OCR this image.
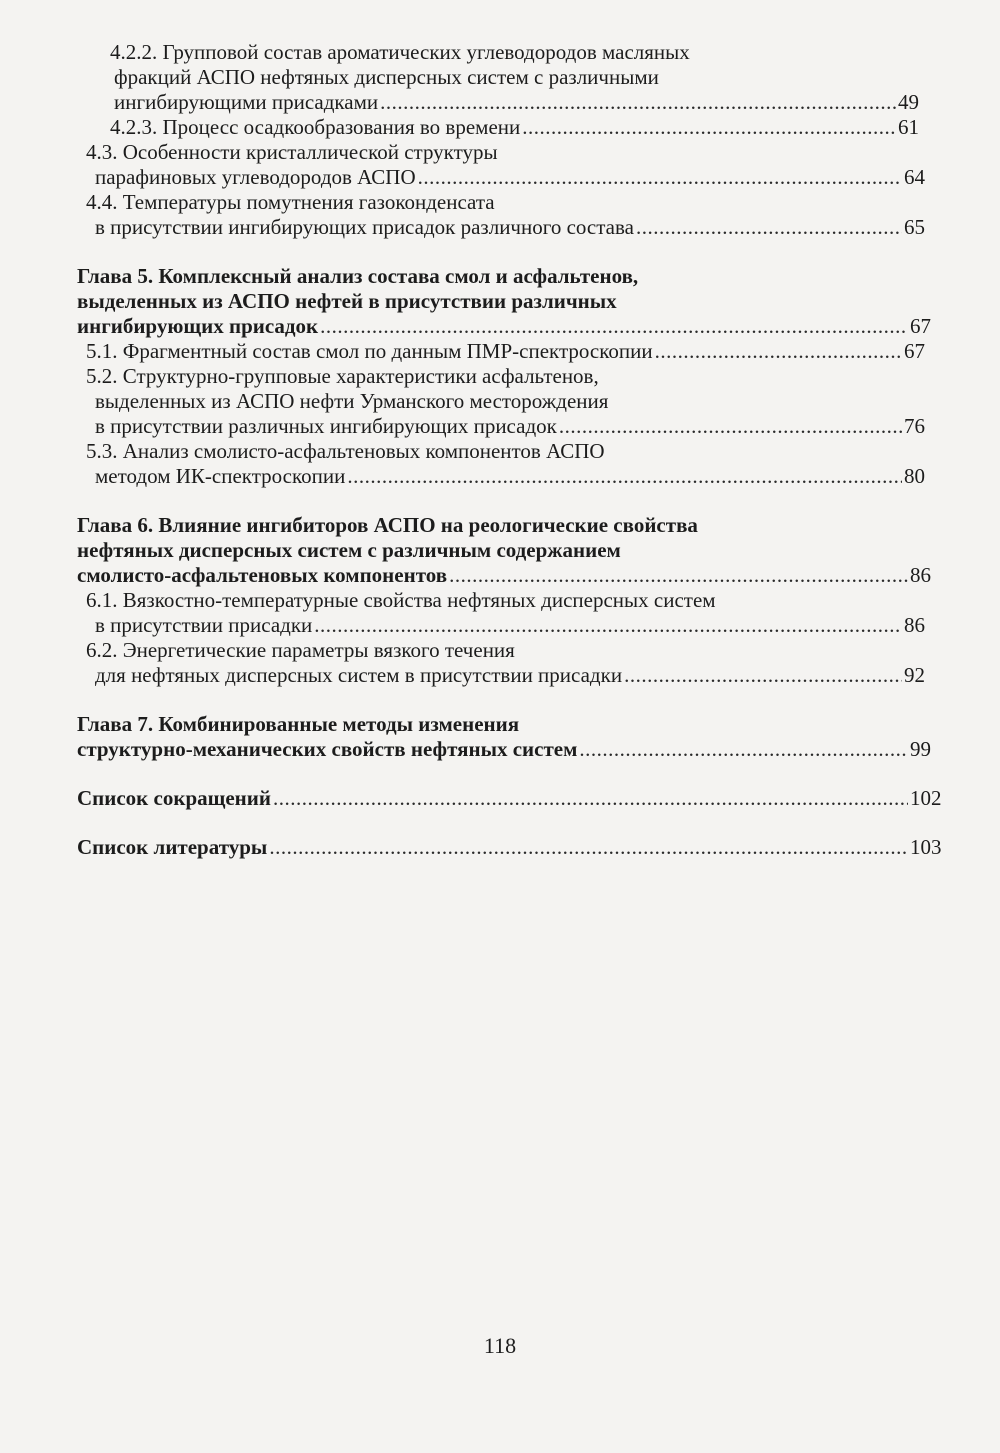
4.2.2. Групповой состав ароматических углеводородов масляных
фракций АСПО нефтяных дисперсных систем с различными
ингибирующими присадками .....	49
4.2.3. Процесс осадкообразования во времени .....	61
4.3. Особенности кристаллической структуры
парафиновых углеводородов АСПО .....	64
4.4. Температуры помутнения газоконденсата
в присутствии ингибирующих присадок различного состава .....	65
Глава 5. Комплексный анализ состава смол и асфальтенов,
выделенных из АСПО нефтей в присутствии различных
ингибирующих присадок .....	67
5.1. Фрагментный состав смол по данным ПМР-спектроскопии .....	67
5.2. Структурно-групповые характеристики асфальтенов,
выделенных из АСПО нефти Урманского месторождения
в присутствии различных ингибирующих присадок .....	76
5.3. Анализ смолисто-асфальтеновых компонентов АСПО
методом ИК-спектроскопии .....	80
Глава 6. Влияние ингибиторов АСПО на реологические свойства
нефтяных дисперсных систем с различным содержанием
смолисто-асфальтеновых компонентов .....	86
6.1. Вязкостно-температурные свойства нефтяных дисперсных систем
в присутствии присадки .....	86
6.2. Энергетические параметры вязкого течения
для нефтяных дисперсных систем в присутствии присадки .....	92
Глава 7. Комбинированные методы изменения
структурно-механических свойств нефтяных систем .....	99
Список сокращений .....	102
Список литературы .....	103
118
